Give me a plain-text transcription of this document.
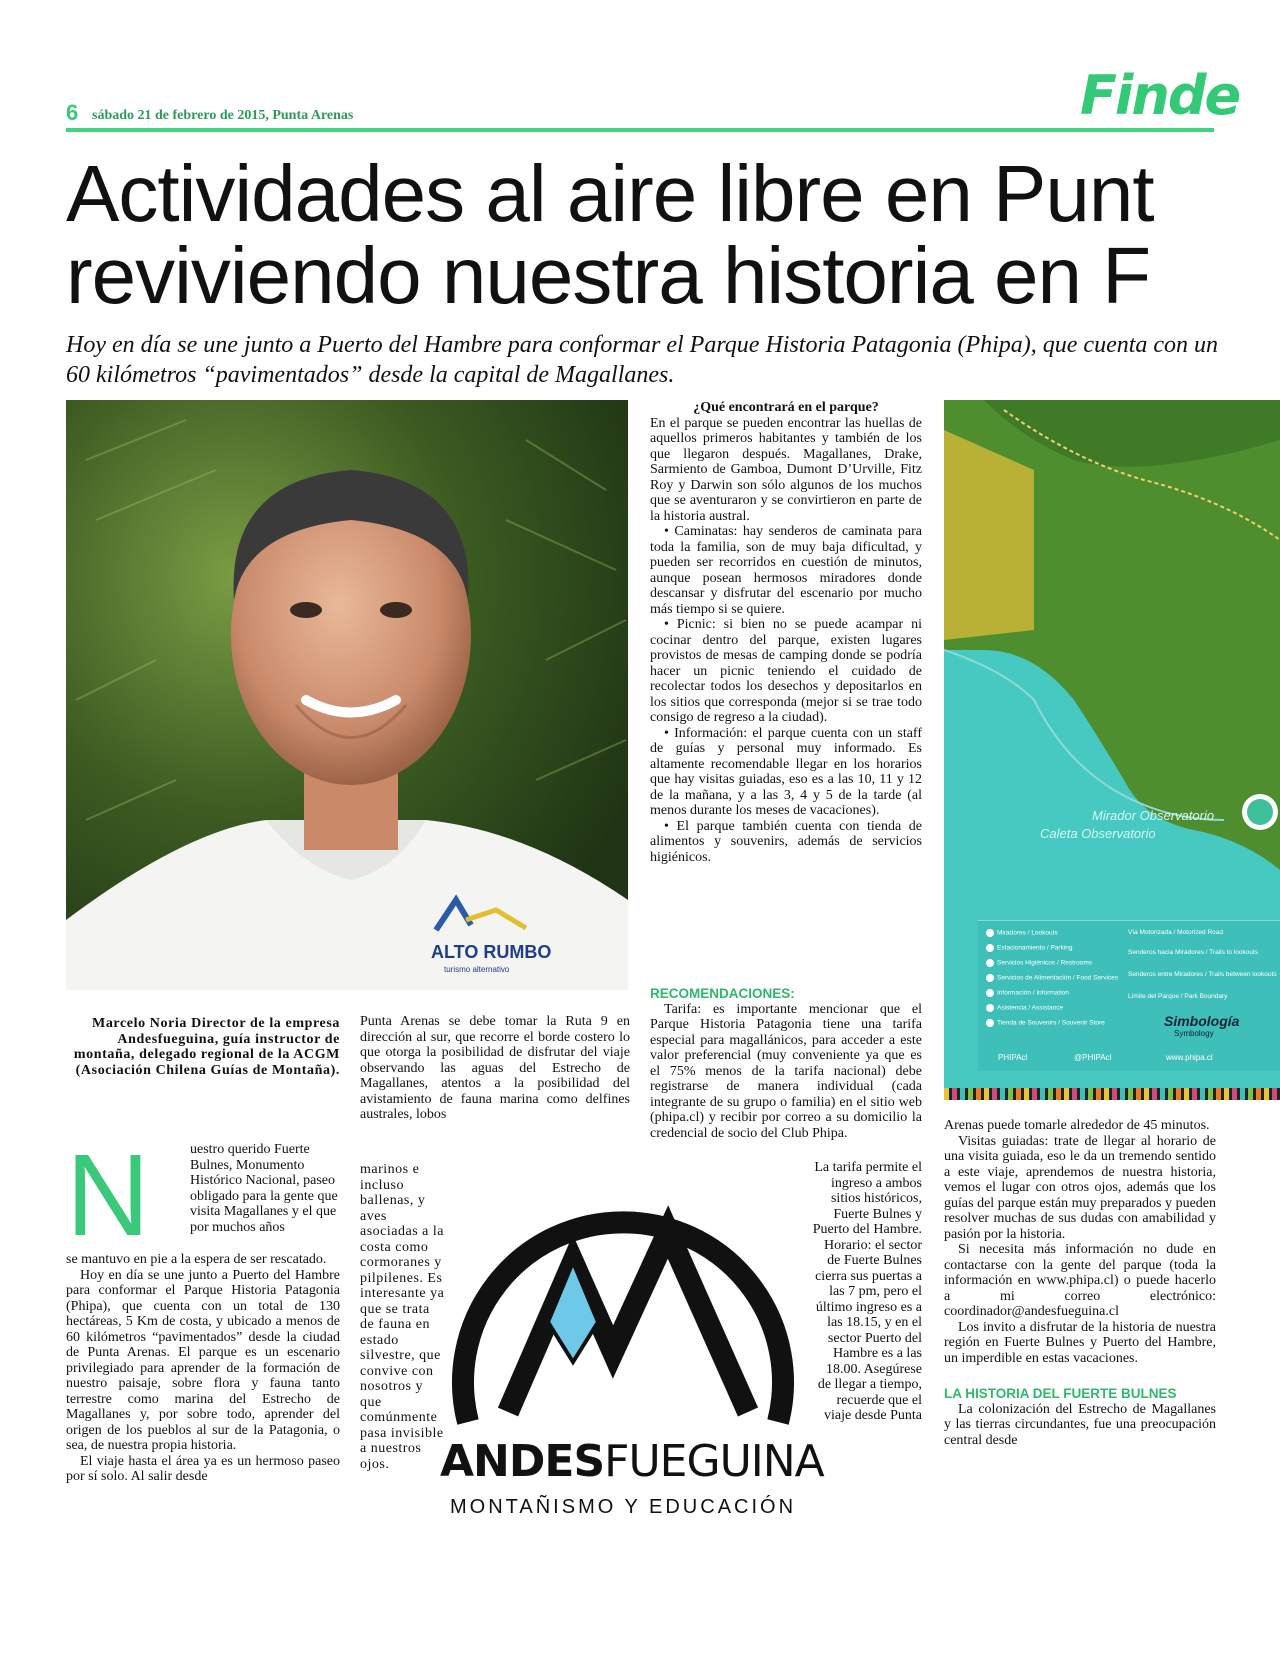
6 sábado 21 de febrero de 2015, Punta Arenas	Finde
Actividades al aire libre en Punt
reviviendo nuestra historia en F
Hoy en día se une junto a Puerto del Hambre para conformar el Parque Historia Patagonia (Phipa), que cuenta con un
60 kilómetros “pavimentados” desde la capital de Magallanes.
ALTO RUMBO
turismo alternativo
Marcelo Noria Director de la empresa Andesfueguina, guía instructor de montaña, delegado regional de la ACGM (Asociación Chilena Guías de Montaña).
N	uestro querido Fuerte Bulnes, Monumento Histórico Nacional, paseo obligado para la gente que visita Magallanes y el que por muchos años

se mantuvo en pie a la espera de ser rescatado.

Hoy en día se une junto a Puerto del Hambre para conformar el Parque Historia Patagonia (Phipa), que cuenta con un total de 130 hectáreas, 5 Km de costa, y ubicado a menos de 60 kilómetros “pavimentados” desde la ciudad de Punta Arenas. El parque es un escenario privilegiado para aprender de la formación de nuestro paisaje, sobre flora y fauna tanto terrestre como marina del Estrecho de Magallanes y, por sobre todo, aprender del origen de los pueblos al sur de la Patagonia, o sea, de nuestra propia historia.

El viaje hasta el área ya es un hermoso paseo por sí solo. Al salir desde

Punta Arenas se debe tomar la Ruta 9 en dirección al sur, que recorre el borde costero lo que otorga la posibilidad de disfrutar del viaje observando las aguas del Estrecho de Magallanes, atentos a la posibilidad del avistamiento de fauna marina como delfines australes, lobos

marinos e incluso ballenas, y aves asociadas a la costa como cormoranes y pilpilenes. Es interesante ya que se trata de fauna en estado silvestre, que convive con nosotros y que comúnmente pasa invisible a nuestros ojos.	ANDESFUEGUINA
MONTAÑISMO Y EDUCACIÓN
¿Qué encontrará en el parque?

En el parque se pueden encontrar las huellas de aquellos primeros habitantes y también de los que llegaron después. Magallanes, Drake, Sarmiento de Gamboa, Dumont D’Urville, Fitz Roy y Darwin son sólo algunos de los muchos que se aventuraron y se convirtieron en parte de la historia austral.

• Caminatas: hay senderos de caminata para toda la familia, son de muy baja dificultad, y pueden ser recorridos en cuestión de minutos, aunque posean hermosos miradores donde descansar y disfrutar del escenario por mucho más tiempo si se quiere.

• Picnic: si bien no se puede acampar ni cocinar dentro del parque, existen lugares provistos de mesas de camping donde se podría hacer un picnic teniendo el cuidado de recolectar todos los desechos y depositarlos en los sitios que corresponda (mejor si se trae todo consigo de regreso a la ciudad).

• Información: el parque cuenta con un staff de guías y personal muy informado. Es altamente recomendable llegar en los horarios que hay visitas guiadas, eso es a las 10, 11 y 12 de la mañana, y a las 3, 4 y 5 de la tarde (al menos durante los meses de vacaciones).

• El parque también cuenta con tienda de alimentos y souvenirs, además de servicios higiénicos.

RECOMENDACIONES:

Tarifa: es importante mencionar que el Parque Historia Patagonia tiene una tarifa especial para magallánicos, para acceder a este valor preferencial (muy conveniente ya que es el 75% menos de la tarifa nacional) debe registrarse de manera individual (cada integrante de su grupo o familia) en el sitio web (phipa.cl) y recibir por correo a su domicilio la credencial de socio del Club Phipa.

La tarifa permite el ingreso a ambos sitios históricos, Fuerte Bulnes y Puerto del Hambre. Horario: el sector de Fuerte Bulnes cierra sus puertas a las 7 pm, pero el último ingreso es a las 18.15, y en el sector Puerto del Hambre es a las 18.00. Asegúrese de llegar a tiempo, recuerde que el viaje desde Punta

Mirador Observatorio
Caleta Observatorio
Miradores / Lookouts
Estacionamiento / Parking
Servicios Higiénicos / Restrooms
Servicios de Alimentación / Food Services
Información / Information
Asistencia / Assistance
Tienda de Souvenirs / Souvenir Store
Vía Motorizada / Motorized Road
Senderos hacia Miradores / Trails to lookouts
Senderos entre Miradores / Trails between lookouts
Límite del Parque / Park Boundary
Simbología
Symbology
PHIPAcl	@PHIPAcl	www.phipa.cl

Arenas puede tomarle alrededor de 45 minutos.

Visitas guiadas: trate de llegar al horario de una visita guiada, eso le da un tremendo sentido a este viaje, aprendemos de nuestra historia, vemos el lugar con otros ojos, además que los guías del parque están muy preparados y pueden resolver muchas de sus dudas con amabilidad y pasión por la historia.

Si necesita más información no dude en contactarse con la gente del parque (toda la información en www.phipa.cl) o puede hacerlo a mi correo electrónico: coordinador@andesfueguina.cl

Los invito a disfrutar de la historia de nuestra región en Fuerte Bulnes y Puerto del Hambre, un imperdible en estas vacaciones.

LA HISTORIA DEL FUERTE BULNES

La colonización del Estrecho de Magallanes y las tierras circundantes, fue una preocupación central desde
